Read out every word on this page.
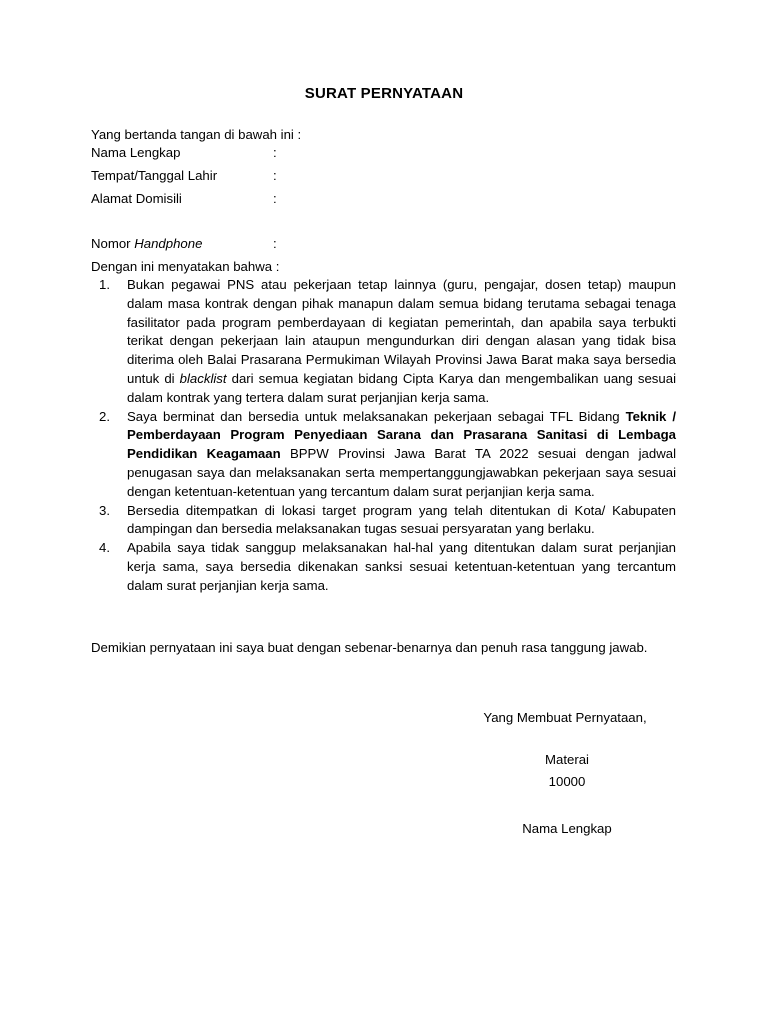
SURAT PERNYATAAN
Yang bertanda tangan di bawah ini :
Nama Lengkap	:
Tempat/Tanggal Lahir	:
Alamat Domisili	:
Nomor Handphone	:
Dengan ini menyatakan bahwa :
1. Bukan pegawai PNS atau pekerjaan tetap lainnya (guru, pengajar, dosen tetap) maupun dalam masa kontrak dengan pihak manapun dalam semua bidang terutama sebagai tenaga fasilitator pada program pemberdayaan di kegiatan pemerintah, dan apabila saya terbukti terikat dengan pekerjaan lain ataupun mengundurkan diri dengan alasan yang tidak bisa diterima oleh Balai Prasarana Permukiman Wilayah Provinsi Jawa Barat maka saya bersedia untuk di blacklist dari semua kegiatan bidang Cipta Karya dan mengembalikan uang sesuai dalam kontrak yang tertera dalam surat perjanjian kerja sama.
2. Saya berminat dan bersedia untuk melaksanakan pekerjaan sebagai TFL Bidang Teknik / Pemberdayaan Program Penyediaan Sarana dan Prasarana Sanitasi di Lembaga Pendidikan Keagamaan BPPW Provinsi Jawa Barat TA 2022 sesuai dengan jadwal penugasan saya dan melaksanakan serta mempertanggungjawabkan pekerjaan saya sesuai dengan ketentuan-ketentuan yang tercantum dalam surat perjanjian kerja sama.
3. Bersedia ditempatkan di lokasi target program yang telah ditentukan di Kota/ Kabupaten dampingan dan bersedia melaksanakan tugas sesuai persyaratan yang berlaku.
4. Apabila saya tidak sanggup melaksanakan hal-hal yang ditentukan dalam surat perjanjian kerja sama, saya bersedia dikenakan sanksi sesuai ketentuan-ketentuan yang tercantum dalam surat perjanjian kerja sama.
Demikian pernyataan ini saya buat dengan sebenar-benarnya dan penuh rasa tanggung jawab.
Yang Membuat Pernyataan,
Materai
10000
Nama Lengkap
